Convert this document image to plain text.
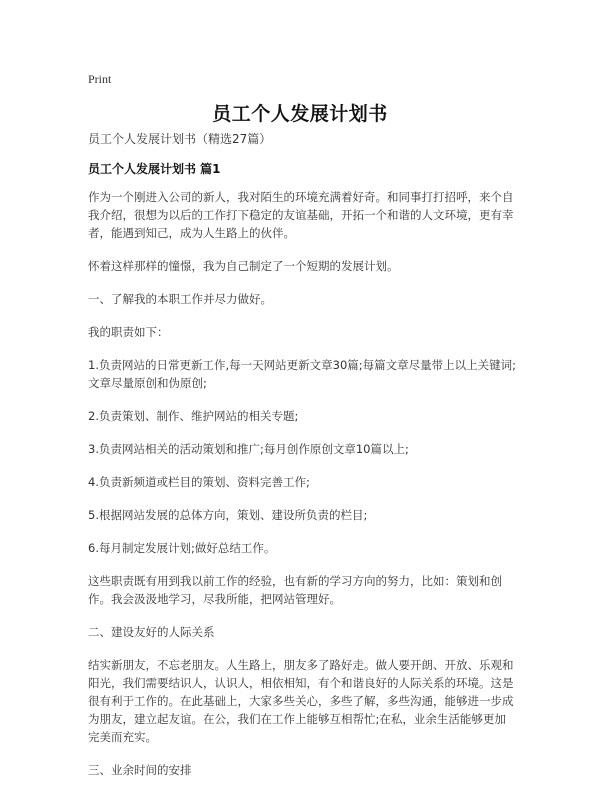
Print
员工个人发展计划书
员工个人发展计划书（精选27篇）
员工个人发展计划书 篇1

作为一个刚进入公司的新人，我对陌生的环境充满着好奇。和同事打打招呼，来个自我介绍，很想为以后的工作打下稳定的友谊基础，开拓一个和谐的人文环境，更有幸者，能遇到知己，成为人生路上的伙伴。

怀着这样那样的憧憬，我为自己制定了一个短期的发展计划。

一、了解我的本职工作并尽力做好。

我的职责如下：

1.负责网站的日常更新工作,每一天网站更新文章30篇;每篇文章尽量带上以上关键词;文章尽量原创和伪原创;

2.负责策划、制作、维护网站的相关专题;

3.负责网站相关的活动策划和推广;每月创作原创文章10篇以上;

4.负责新频道或栏目的策划、资料完善工作;

5.根据网站发展的总体方向，策划、建设所负责的栏目;

6.每月制定发展计划;做好总结工作。

这些职责既有用到我以前工作的经验，也有新的学习方向的努力，比如：策划和创作。我会汲汲地学习，尽我所能，把网站管理好。

二、建设友好的人际关系

结实新朋友，不忘老朋友。人生路上，朋友多了路好走。做人要开朗、开放、乐观和阳光，我们需要结识人，认识人，相依相知，有个和谐良好的人际关系的环境。这是很有利于工作的。在此基础上，大家多些关心，多些了解，多些沟通，能够进一步成为朋友，建立起友谊。在公，我们在工作上能够互相帮忙;在私，业余生活能够更加完美而充实。

三、业余时间的安排
